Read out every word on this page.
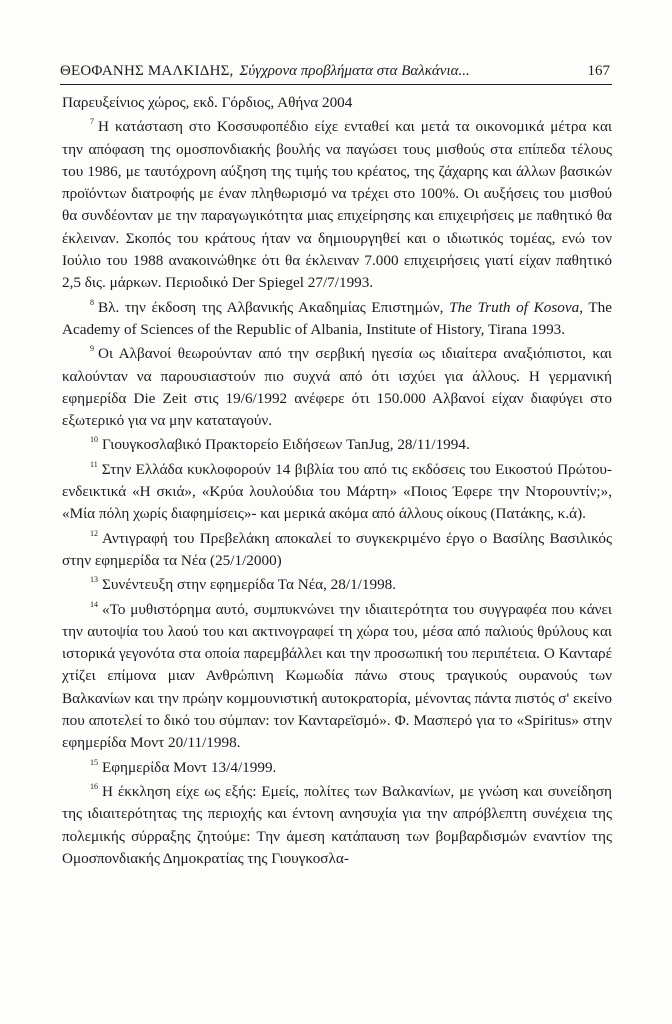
ΘΕΟΦΑΝΗΣ ΜΑΛΚΙΔΗΣ, Σύγχρονα προβλήματα στα Βαλκάνια...	167

Παρευξείνιος χώρος, εκδ. Γόρδιος, Αθήνα 2004

$^7$ Η κατάσταση στο Κοσσυφοπέδιο είχε ενταθεί και μετά τα οικονομικά μέτρα και την απόφαση της ομοσπονδιακής βουλής να παγώσει τους μισθούς στα επίπεδα τέλους του 1986, με ταυτόχρονη αύξηση της τιμής του κρέατος, της ζάχαρης και άλλων βασικών προϊόντων διατροφής με έναν πληθωρισμό να τρέχει στο 100%. Οι αυξήσεις του μισθού θα συνδέονταν με την παραγωγικότητα μιας επιχείρησης και επιχειρήσεις με παθητικό θα έκλειναν. Σκοπός του κράτους ήταν να δημιουργηθεί και ο ιδιωτικός τομέας, ενώ τον Ιούλιο του 1988 ανακοινώθηκε ότι θα έκλειναν 7.000 επιχειρήσεις γιατί είχαν παθητικό 2,5 δις. μάρκων. Περιοδικό Der Spiegel 27/7/1993.

$^8$ Βλ. την έκδοση της Αλβανικής Ακαδημίας Επιστημών, The Truth of Kosova, The Academy of Sciences of the Republic of Albania, Institute of History, Tirana 1993.

$^9$ Οι Αλβανοί θεωρούνταν από την σερβική ηγεσία ως ιδιαίτερα αναξιόπιστοι, και καλούνταν να παρουσιαστούν πιο συχνά από ότι ισχύει για άλλους. Η γερμανική εφημερίδα Die Zeit στις 19/6/1992 ανέφερε ότι 150.000 Αλβανοί είχαν διαφύγει στο εξωτερικό για να μην καταταγούν.

$^{10}$ Γιουγκοσλαβικό Πρακτορείο Ειδήσεων TanJug, 28/11/1994.

$^{11}$ Στην Ελλάδα κυκλοφορούν 14 βιβλία του από τις εκδόσεις του Εικοστού Πρώτου- ενδεικτικά «Η σκιά», «Κρύα λουλούδια του Μάρτη» «Ποιος Έφερε την Ντορουντίν;», «Μία πόλη χωρίς διαφημίσεις»- και μερικά ακόμα από άλλους οίκους (Πατάκης, κ.ά).

$^{12}$ Αντιγραφή του Πρεβελάκη αποκαλεί το συγκεκριμένο έργο ο Βασίλης Βασιλικός στην εφημερίδα τα Νέα (25/1/2000)

$^{13}$ Συνέντευξη στην εφημερίδα Τα Νέα, 28/1/1998.

$^{14}$ «Το μυθιστόρημα αυτό, συμπυκνώνει την ιδιαιτερότητα του συγγραφέα που κάνει την αυτοψία του λαού του και ακτινογραφεί τη χώρα του, μέσα από παλιούς θρύλους και ιστορικά γεγονότα στα οποία παρεμβάλλει και την προσωπική του περιπέτεια. Ο Κανταρέ χτίζει επίμονα μιαν Ανθρώπινη Κωμωδία πάνω στους τραγικούς ουρανούς των Βαλκανίων και την πρώην κομμουνιστική αυτοκρατορία, μένοντας πάντα πιστός σ' εκείνο που αποτελεί το δικό του σύμπαν: τον Κανταρεϊσμό». Φ. Μασπερό για το «Spiritus» στην εφημερίδα Μοντ 20/11/1998.

$^{15}$ Εφημερίδα Μοντ 13/4/1999.

$^{16}$ Η έκκληση είχε ως εξής: Εμείς, πολίτες των Βαλκανίων, με γνώση και συνείδηση της ιδιαιτερότητας της περιοχής και έντονη ανησυχία για την απρόβλεπτη συνέχεια της πολεμικής σύρραξης ζητούμε: Την άμεση κατάπαυση των βομβαρδισμών εναντίον της Ομοσπονδιακής Δημοκρατίας της Γιουγκοσλα-
